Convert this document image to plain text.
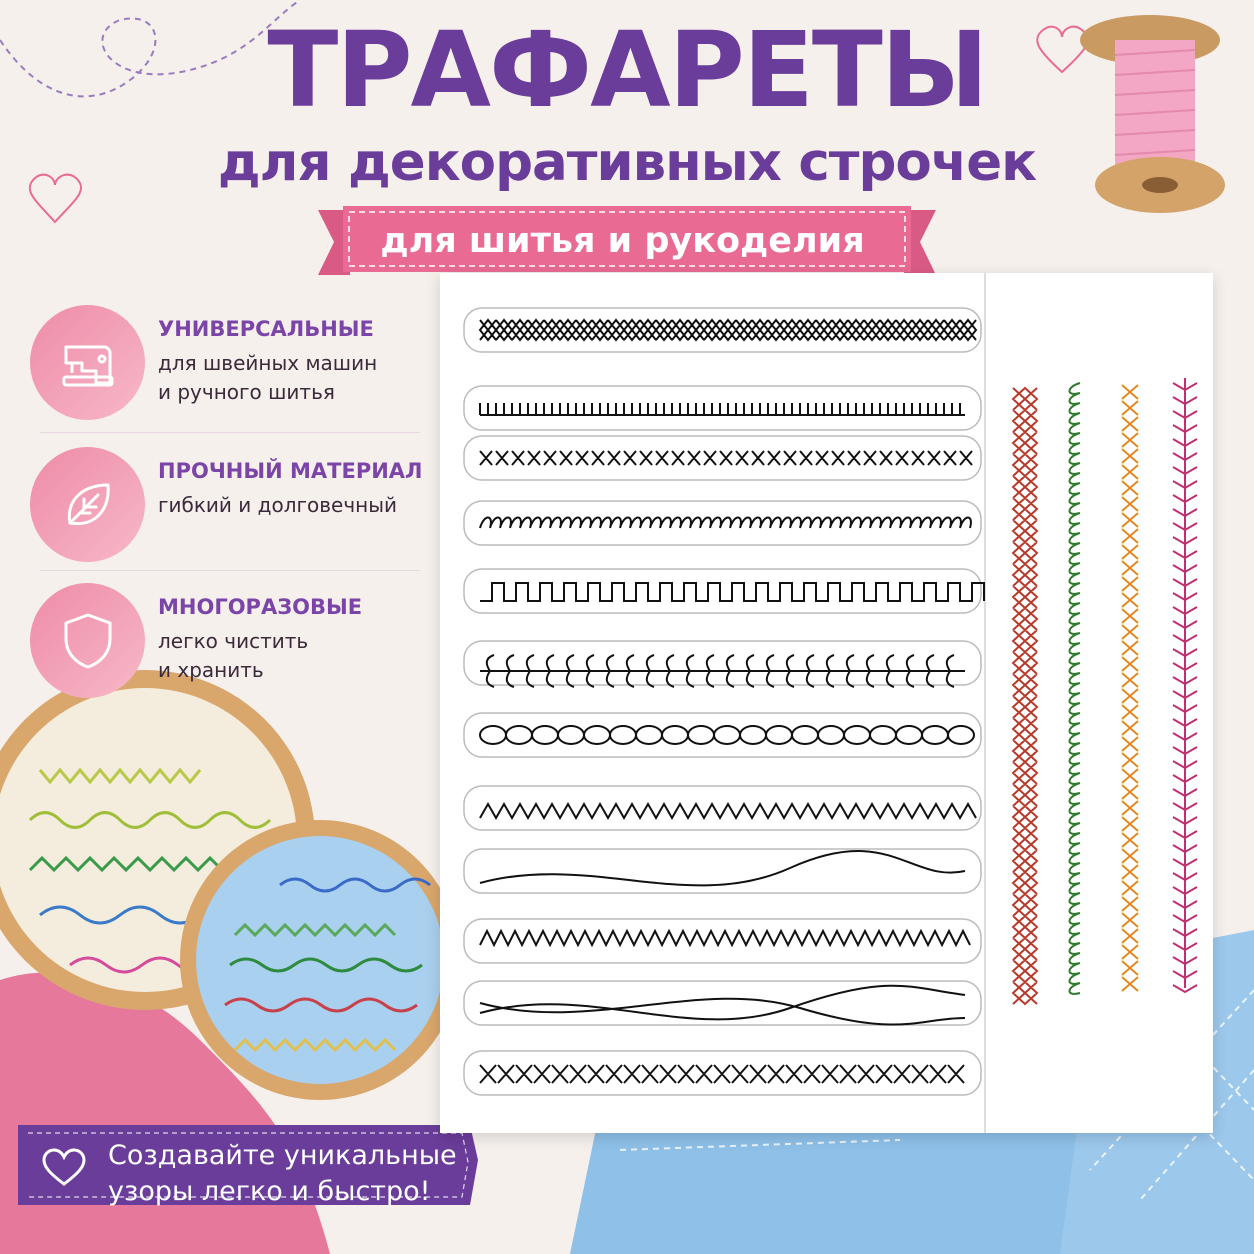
ТРАФАРЕТЫ
для декоративных строчек
для шитья и рукоделия
УНИВЕРСАЛЬНЫЕ
для швейных машин
и ручного шитья
ПРОЧНЫЙ МАТЕРИАЛ
гибкий и долговечный
МНОГОРАЗОВЫЕ
легко чистить
и хранить
Создавайте уникальные
узоры легко и быстро!
